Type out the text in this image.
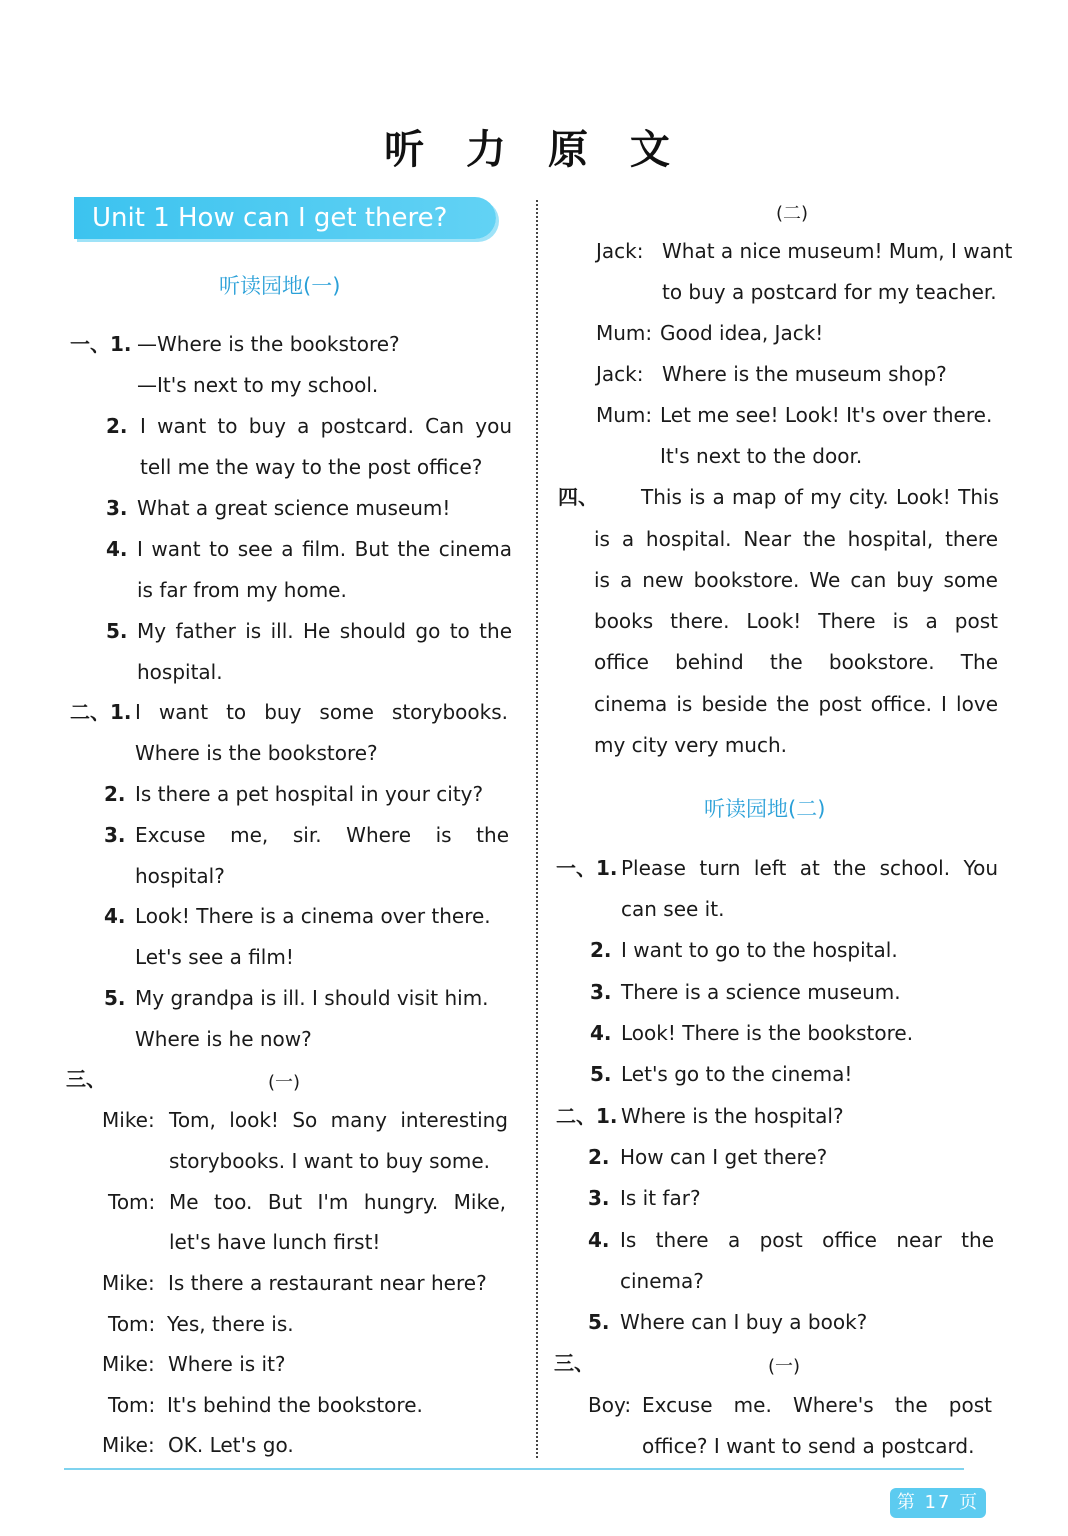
听 力 原 文
Unit 1 How can I get there?
听读园地(一)
一、1. —Where is the bookstore?
—It's next to my school.
2. I want to buy a postcard. Can you
tell me the way to the post office?
3. What a great science museum!
4. I want to see a film. But the cinema
is far from my home.
5. My father is ill. He should go to the
hospital.
二、1. I want to buy some storybooks.
Where is the bookstore?
2. Is there a pet hospital in your city?
3. Excuse me, sir. Where is the
hospital?
4. Look! There is a cinema over there.
Let's see a film!
5. My grandpa is ill. I should visit him.
Where is he now?
三、	(一)
Mike: Tom, look! So many interesting
storybooks. I want to buy some.
Tom: Me too. But I'm hungry. Mike,
let's have lunch first!
Mike: Is there a restaurant near here?
Tom: Yes, there is.
Mike: Where is it?
Tom: It's behind the bookstore.
Mike: OK. Let's go.
(二)
Jack: What a nice museum! Mum, I want
to buy a postcard for my teacher.
Mum: Good idea, Jack!
Jack: Where is the museum shop?
Mum: Let me see! Look! It's over there.
It's next to the door.
四、 This is a map of my city. Look! This
is a hospital. Near the hospital, there
is a new bookstore. We can buy some
books there. Look! There is a post
office behind the bookstore. The
cinema is beside the post office. I love
my city very much.
听读园地(二)
一、1. Please turn left at the school. You
can see it.
2. I want to go to the hospital.
3. There is a science museum.
4. Look! There is the bookstore.
5. Let's go to the cinema!
二、1. Where is the hospital?
2. How can I get there?
3. Is it far?
4. Is there a post office near the
cinema?
5. Where can I buy a book?
三、	(一)
Boy: Excuse me. Where's the post
office? I want to send a postcard.
第 17 页
